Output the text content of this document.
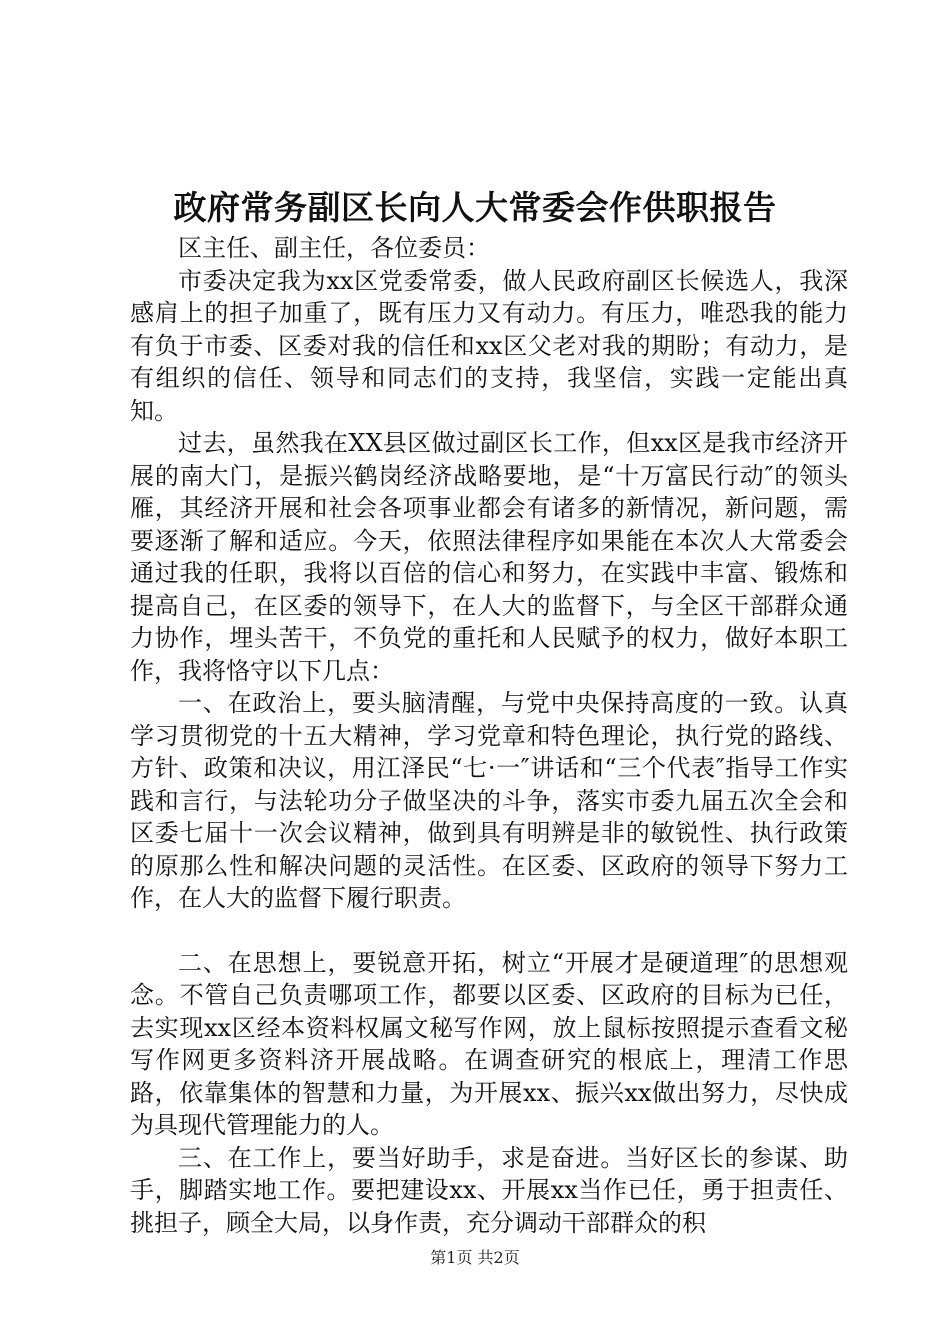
政府常务副区长向人大常委会作供职报告

区主任、副主任，各位委员：

市委决定我为xx区党委常委，做人民政府副区长候选人，我深感肩上的担子加重了，既有压力又有动力。有压力，唯恐我的能力有负于市委、区委对我的信任和xx区父老对我的期盼；有动力，是有组织的信任、领导和同志们的支持，我坚信，实践一定能出真知。

过去，虽然我在XX县区做过副区长工作，但xx区是我市经济开展的南大门，是振兴鹤岗经济战略要地，是“十万富民行动″的领头雁，其经济开展和社会各项事业都会有诸多的新情况，新问题，需要逐渐了解和适应。今天，依照法律程序如果能在本次人大常委会通过我的任职，我将以百倍的信心和努力，在实践中丰富、锻炼和提高自己，在区委的领导下，在人大的监督下，与全区干部群众通力协作，埋头苦干，不负党的重托和人民赋予的权力，做好本职工作，我将恪守以下几点：

一、在政治上，要头脑清醒，与党中央保持高度的一致。认真学习贯彻党的十五大精神，学习党章和特色理论，执行党的路线、方针、政策和决议，用江泽民“七·一″讲话和“三个代表″指导工作实践和言行，与法轮功分子做坚决的斗争，落实市委九届五次全会和区委七届十一次会议精神，做到具有明辨是非的敏锐性、执行政策的原那么性和解决问题的灵活性。在区委、区政府的领导下努力工作，在人大的监督下履行职责。

二、在思想上，要锐意开拓，树立“开展才是硬道理″的思想观念。不管自己负责哪项工作，都要以区委、区政府的目标为已任，去实现xx区经本资料权属文秘写作网，放上鼠标按照提示查看文秘写作网更多资料济开展战略。在调查研究的根底上，理清工作思路，依靠集体的智慧和力量，为开展xx、振兴xx做出努力，尽快成为具现代管理能力的人。

三、在工作上，要当好助手，求是奋进。当好区长的参谋、助手，脚踏实地工作。要把建设xx、开展xx当作已任，勇于担责任、挑担子，顾全大局，以身作责，充分调动干部群众的积

第1页 共2页
